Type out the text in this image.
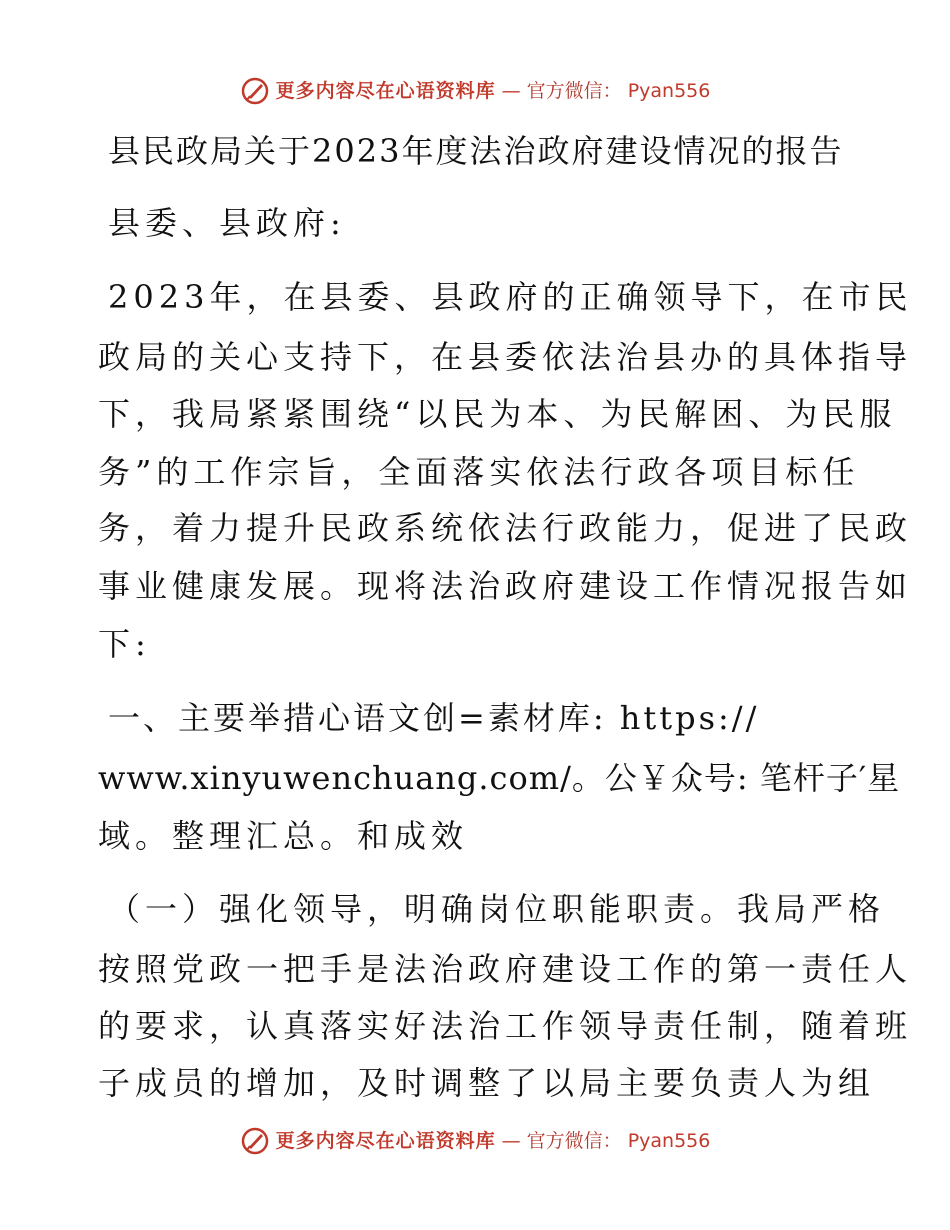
更多内容尽在心语资料库 — 官方微信： Pyan556
县民政局关于2023年度法治政府建设情况的报告
县委、县政府:
2023年，在县委、县政府的正确领导下，在市民
政局的关心支持下，在县委依法治县办的具体指导
下，我局紧紧围绕“以民为本、为民解困、为民服
务”的工作宗旨，全面落实依法行政各项目标任
务，着力提升民政系统依法行政能力，促进了民政
事业健康发展。现将法治政府建设工作情况报告如
下:
一、主要举措心语文创=素材库: https://
www.xinyuwenchuang.com/。公￥众号: 笔杆子′星
域。整理汇总。和成效
（一）强化领导，明确岗位职能职责。我局严格
按照党政一把手是法治政府建设工作的第一责任人
的要求，认真落实好法治工作领导责任制，随着班
子成员的增加，及时调整了以局主要负责人为组
更多内容尽在心语资料库 — 官方微信： Pyan556
